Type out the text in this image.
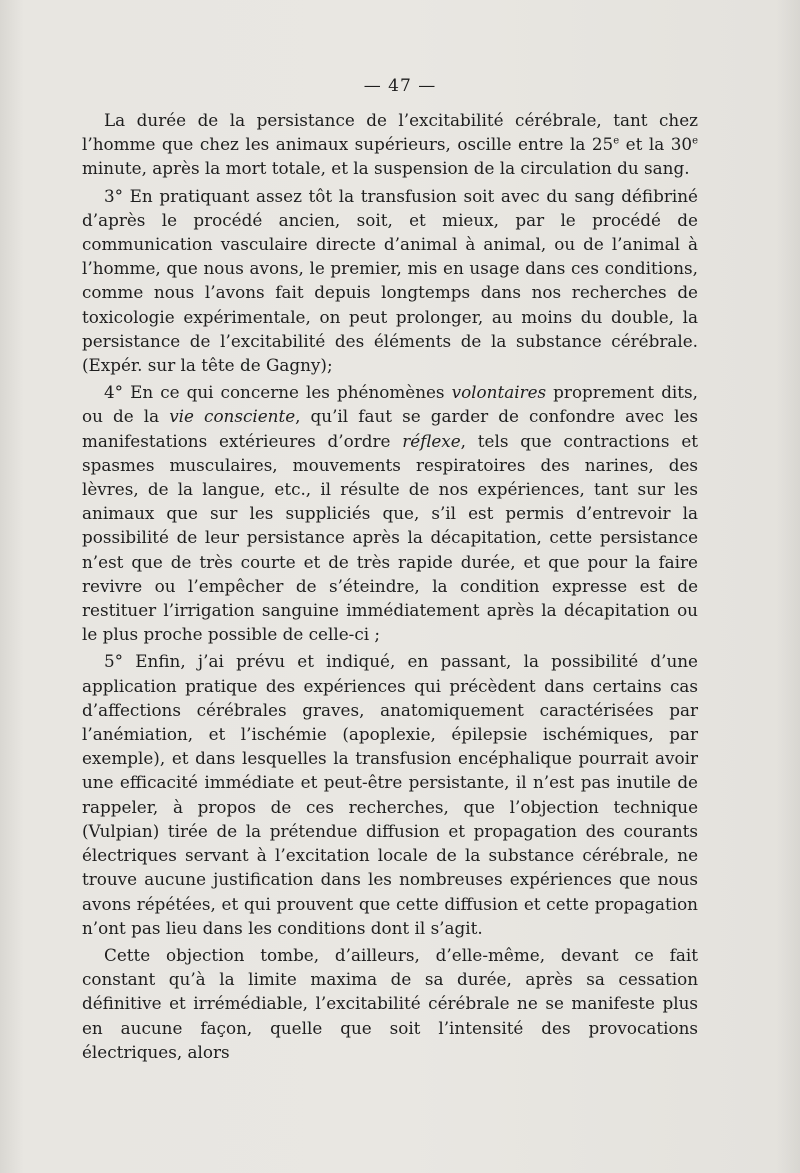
— 47 —

La durée de la persistance de l’excitabilité cérébrale, tant chez l’homme que chez les animaux supérieurs, oscille entre la 25e et la 30e minute, après la mort totale, et la suspension de la circulation du sang.

3° En pratiquant assez tôt la transfusion soit avec du sang défibriné d’après le procédé ancien, soit, et mieux, par le procédé de communication vasculaire directe d’animal à animal, ou de l’animal à l’homme, que nous avons, le premier, mis en usage dans ces conditions, comme nous l’avons fait depuis longtemps dans nos recherches de toxicologie expérimentale, on peut prolonger, au moins du double, la persistance de l’excitabilité des éléments de la substance cérébrale. (Expér. sur la tête de Gagny);

4° En ce qui concerne les phénomènes volontaires proprement dits, ou de la vie consciente, qu’il faut se garder de confondre avec les manifestations extérieures d’ordre réflexe, tels que contractions et spasmes musculaires, mouvements respiratoires des narines, des lèvres, de la langue, etc., il résulte de nos expériences, tant sur les animaux que sur les suppliciés que, s’il est permis d’entrevoir la possibilité de leur persistance après la décapitation, cette persistance n’est que de très courte et de très rapide durée, et que pour la faire revivre ou l’empêcher de s’éteindre, la condition expresse est de restituer l’irrigation sanguine immédiatement après la décapitation ou le plus proche possible de celle-ci ;

5° Enfin, j’ai prévu et indiqué, en passant, la possibilité d’une application pratique des expériences qui précèdent dans certains cas d’affections cérébrales graves, anatomiquement caractérisées par l’anémiation, et l’ischémie (apoplexie, épilepsie ischémiques, par exemple), et dans lesquelles la transfusion encéphalique pourrait avoir une efficacité immédiate et peut-être persistante, il n’est pas inutile de rappeler, à propos de ces recherches, que l’objection technique (Vulpian) tirée de la prétendue diffusion et propagation des courants électriques servant à l’excitation locale de la substance cérébrale, ne trouve aucune justification dans les nombreuses expériences que nous avons répétées, et qui prouvent que cette diffusion et cette propagation n’ont pas lieu dans les conditions dont il s’agit.

Cette objection tombe, d’ailleurs, d’elle-même, devant ce fait constant qu’à la limite maxima de sa durée, après sa cessation définitive et irrémédiable, l’excitabilité cérébrale ne se manifeste plus en aucune façon, quelle que soit l’intensité des provocations électriques, alors
